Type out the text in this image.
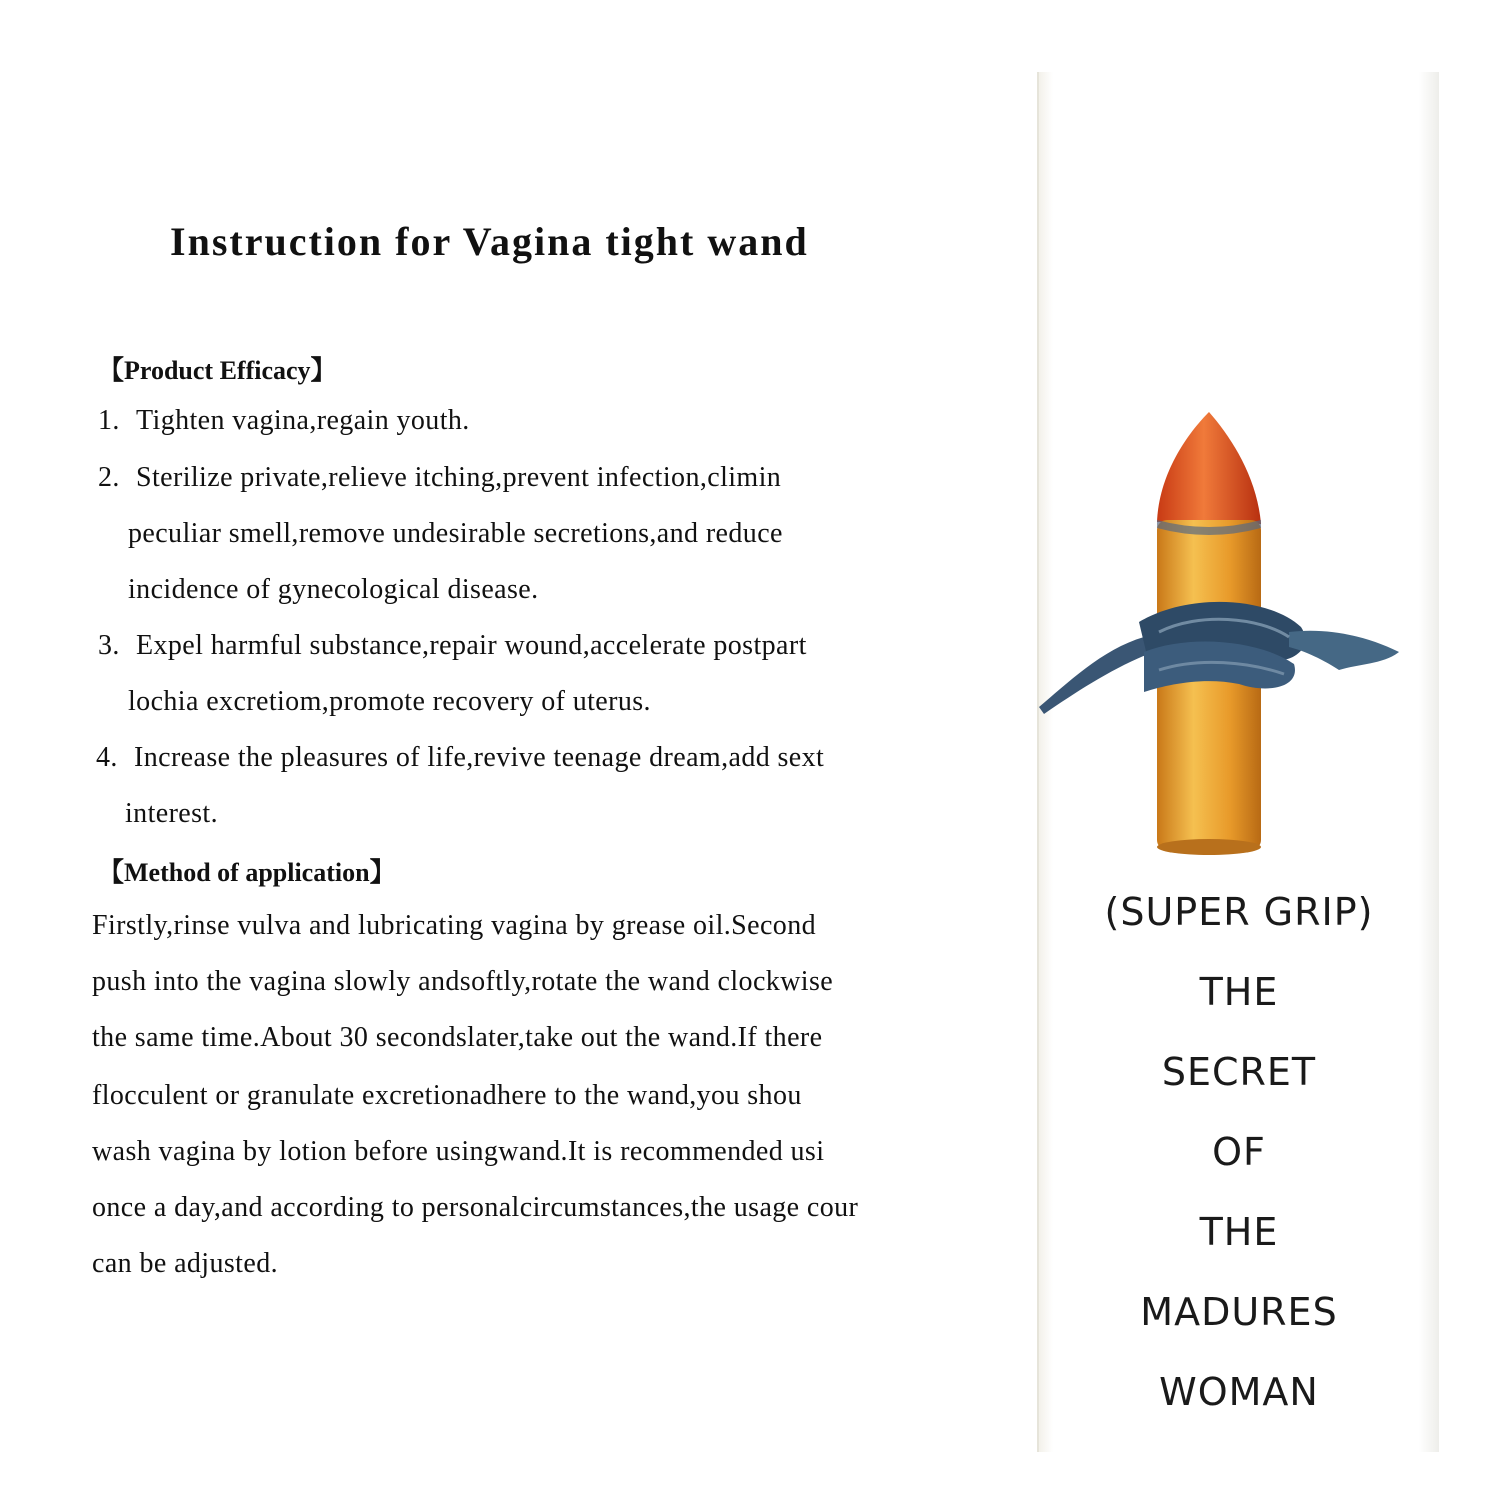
Instruction for Vagina tight wand
【Product Efficacy】
1. Tighten vagina,regain youth.
2. Sterilize private,relieve itching,prevent infection,climin
peculiar smell,remove undesirable secretions,and reduce
incidence of gynecological disease.
3. Expel harmful substance,repair wound,accelerate postpart
lochia excretiom,promote recovery of uterus.
4. Increase the pleasures of life,revive teenage dream,add sext
interest.
【Method of application】
Firstly,rinse vulva and lubricating vagina by grease oil.Second
push into the vagina slowly andsoftly,rotate the wand clockwise
the same time.About 30 secondslater,take out the wand.If there
flocculent or granulate excretionadhere to the wand,you shou
wash vagina by lotion before usingwand.It is recommended usi
once a day,and according to personalcircumstances,the usage cour
can be adjusted.
(SUPER GRIP)
THE
SECRET
OF
THE
MADURES
WOMAN
